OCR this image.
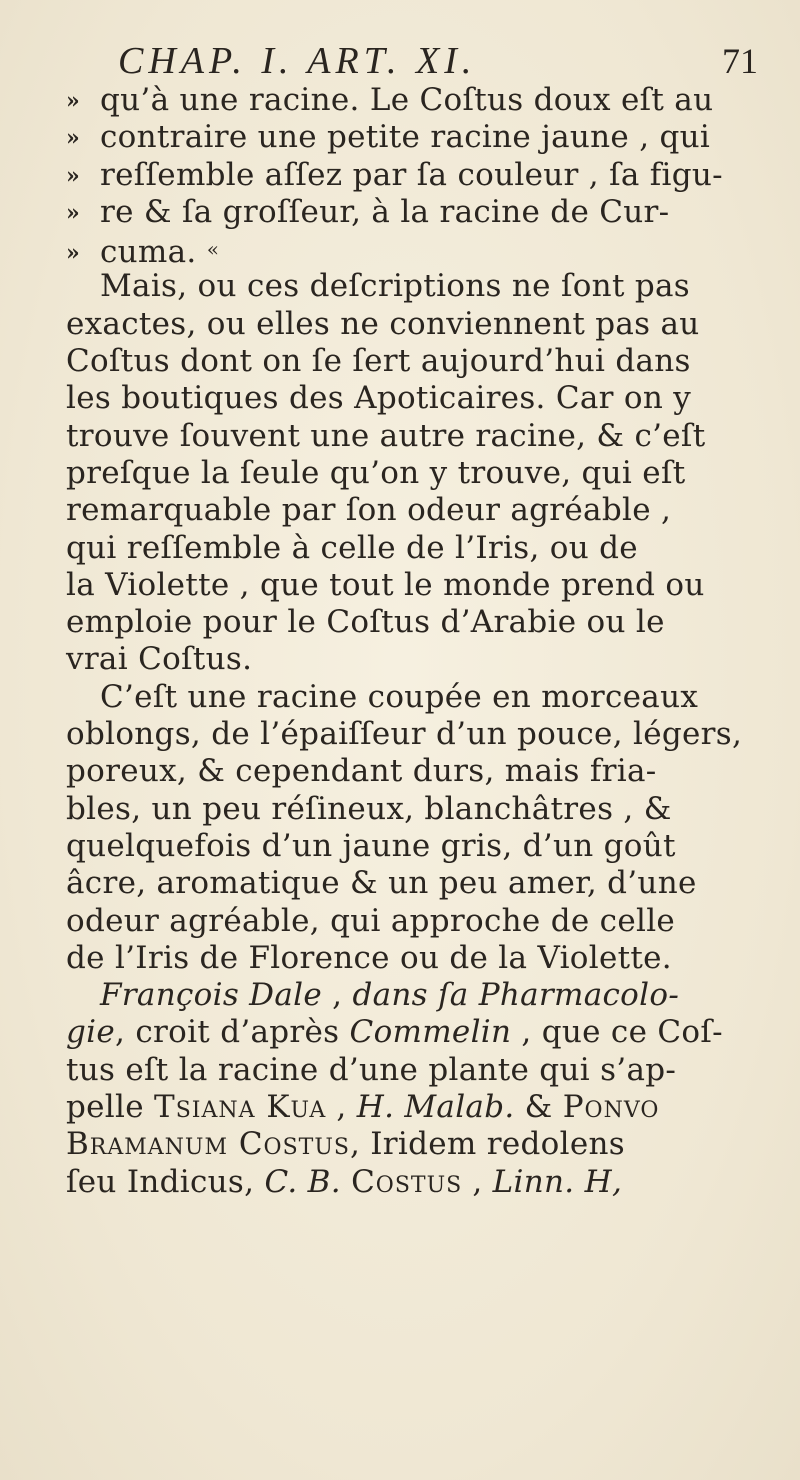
CHAP. I. ART. XI.	71
» qu’à une racine. Le Coſtus doux eſt au
» contraire une petite racine jaune , qui
» reſſemble aſſez par ſa couleur , ſa figu-
» re & ſa groſſeur, à la racine de Cur-
» cuma. «
Mais, ou ces deſcriptions ne ſont pas
exactes, ou elles ne conviennent pas au
Coſtus dont on ſe ſert aujourd’hui dans
les boutiques des Apoticaires. Car on y
trouve ſouvent une autre racine, & c’eſt
preſque la ſeule qu’on y trouve, qui eſt
remarquable par ſon odeur agréable ,
qui reſſemble à celle de l’Iris, ou de
la Violette , que tout le monde prend ou
emploie pour le Coſtus d’Arabie ou le
vrai Coſtus.
C’eſt une racine coupée en morceaux
oblongs, de l’épaiſſeur d’un pouce, légers,
poreux, & cependant durs, mais fria-
bles, un peu réſineux, blanchâtres , &
quelquefois d’un jaune gris, d’un goût
âcre, aromatique & un peu amer, d’une
odeur agréable, qui approche de celle
de l’Iris de Florence ou de la Violette.
François Dale , dans ſa Pharmacolo-
gie, croit d’après Commelin , que ce Coſ-
tus eſt la racine d’une plante qui s’ap-
pelle Tsiana Kua , H. Malab. & Ponvo
Bramanum Costus, Iridem redolens
ſeu Indicus, C. B. Costus , Linn. H,
